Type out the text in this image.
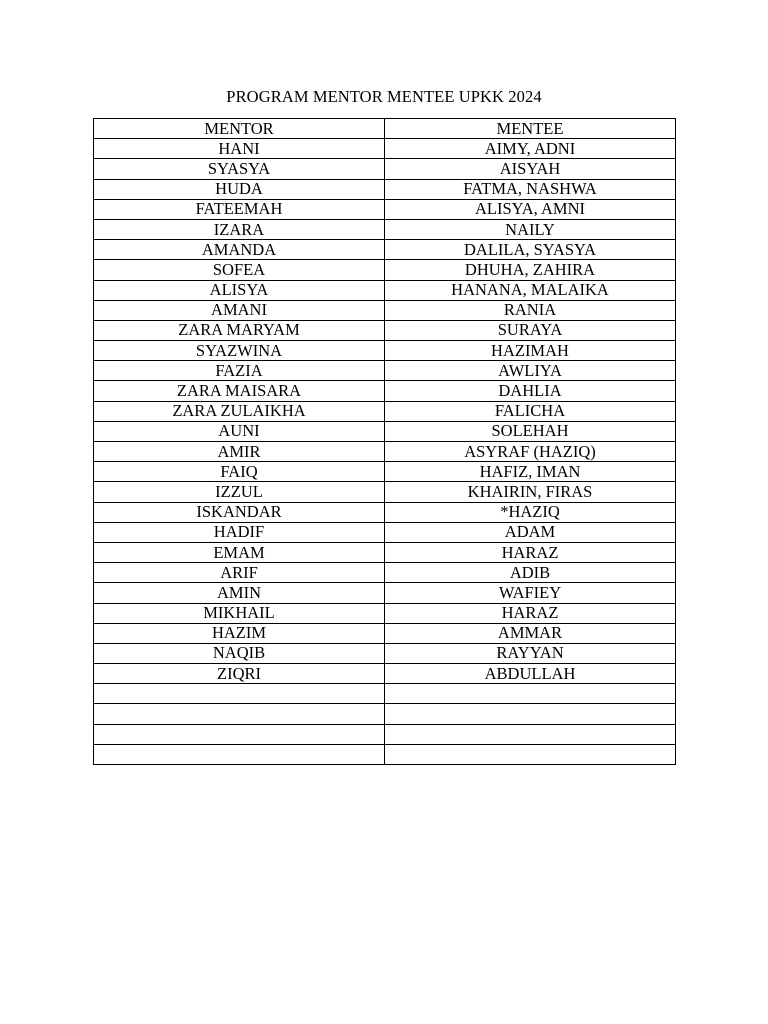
PROGRAM MENTOR MENTEE UPKK 2024
MENTOR	MENTEE
HANI	AIMY, ADNI
SYASYA	AISYAH
HUDA	FATMA, NASHWA
FATEEMAH	ALISYA, AMNI
IZARA	NAILY
AMANDA	DALILA, SYASYA
SOFEA	DHUHA, ZAHIRA
ALISYA	HANANA, MALAIKA
AMANI	RANIA
ZARA MARYAM	SURAYA
SYAZWINA	HAZIMAH
FAZIA	AWLIYA
ZARA MAISARA	DAHLIA
ZARA ZULAIKHA	FALICHA
AUNI	SOLEHAH
AMIR	ASYRAF (HAZIQ)
FAIQ	HAFIZ, IMAN
IZZUL	KHAIRIN, FIRAS
ISKANDAR	*HAZIQ
HADIF	ADAM
EMAM	HARAZ
ARIF	ADIB
AMIN	WAFIEY
MIKHAIL	HARAZ
HAZIM	AMMAR
NAQIB	RAYYAN
ZIQRI	ABDULLAH
